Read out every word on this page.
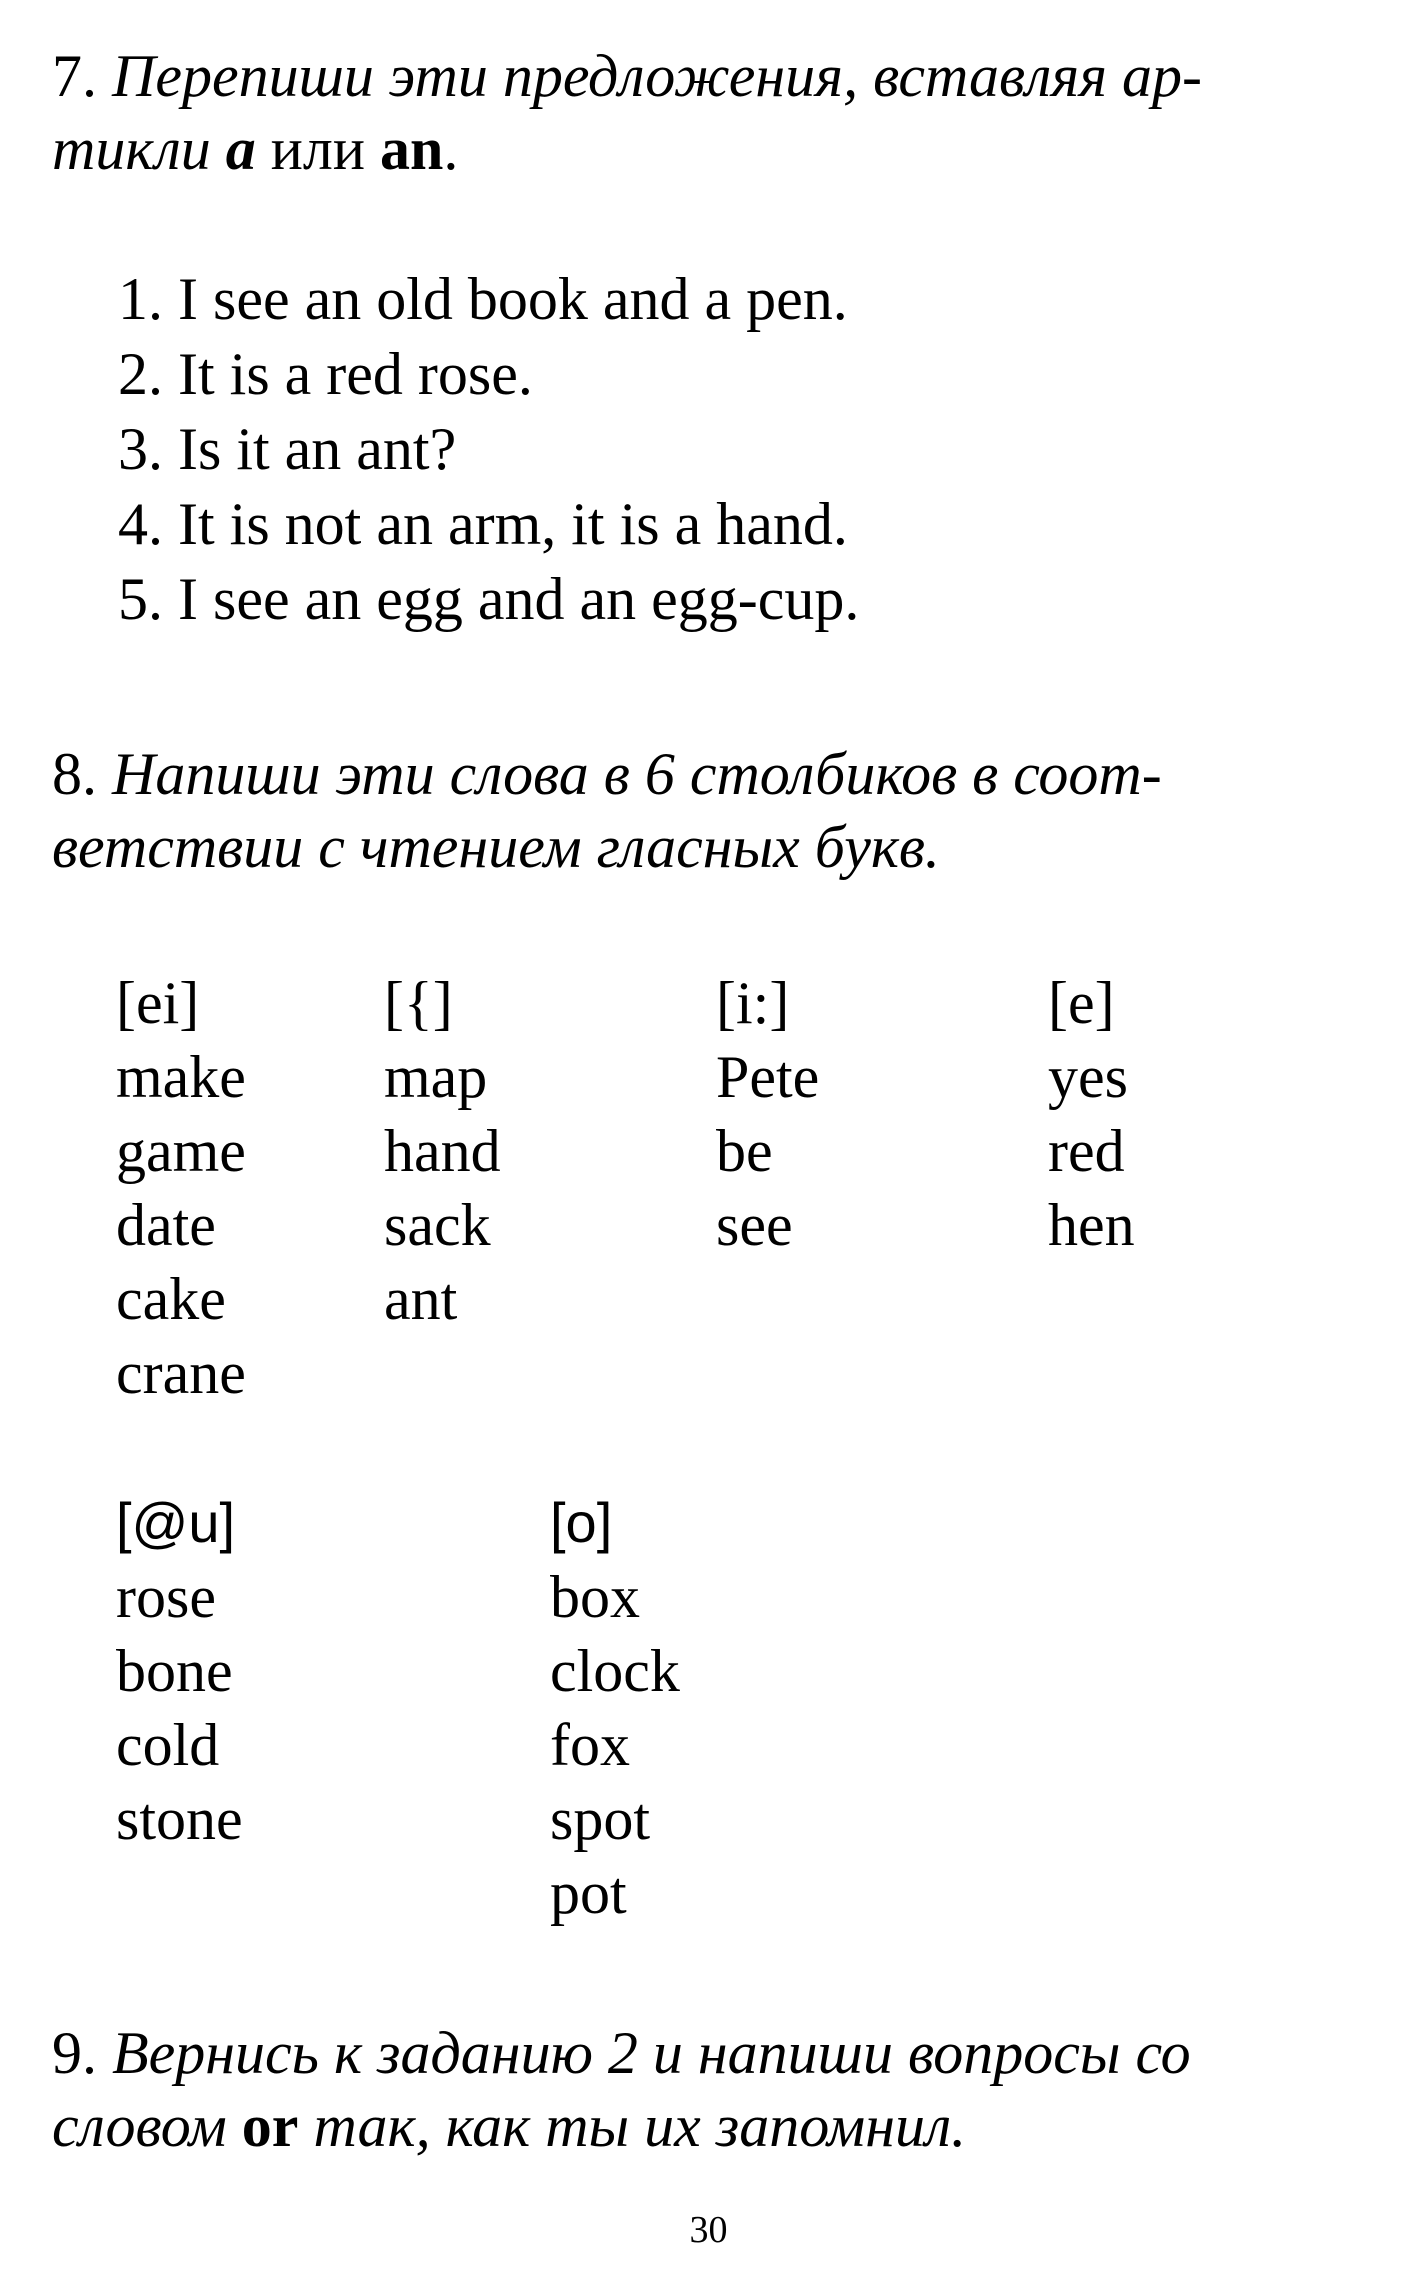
7. Перепиши эти предложения, вставляя ар-
тикли a или an.

1. I see an old book and a pen.
2. It is a red rose.
3. Is it an ant?
4. It is not an arm, it is a hand.
5. I see an egg and an egg-cup.

8. Напиши эти слова в 6 столбиков в соот-
ветствии с чтением гласных букв.

[ei]
make
game
date
cake
crane
[{]
map
hand
sack
ant
[i:]
Pete
be
see
[e]
yes
red
hen
[@u]
rose
bone
cold
stone
[o]
box
clock
fox
spot
pot

9. Вернись к заданию 2 и напиши вопросы со
словом or так, как ты их запомнил.

30
